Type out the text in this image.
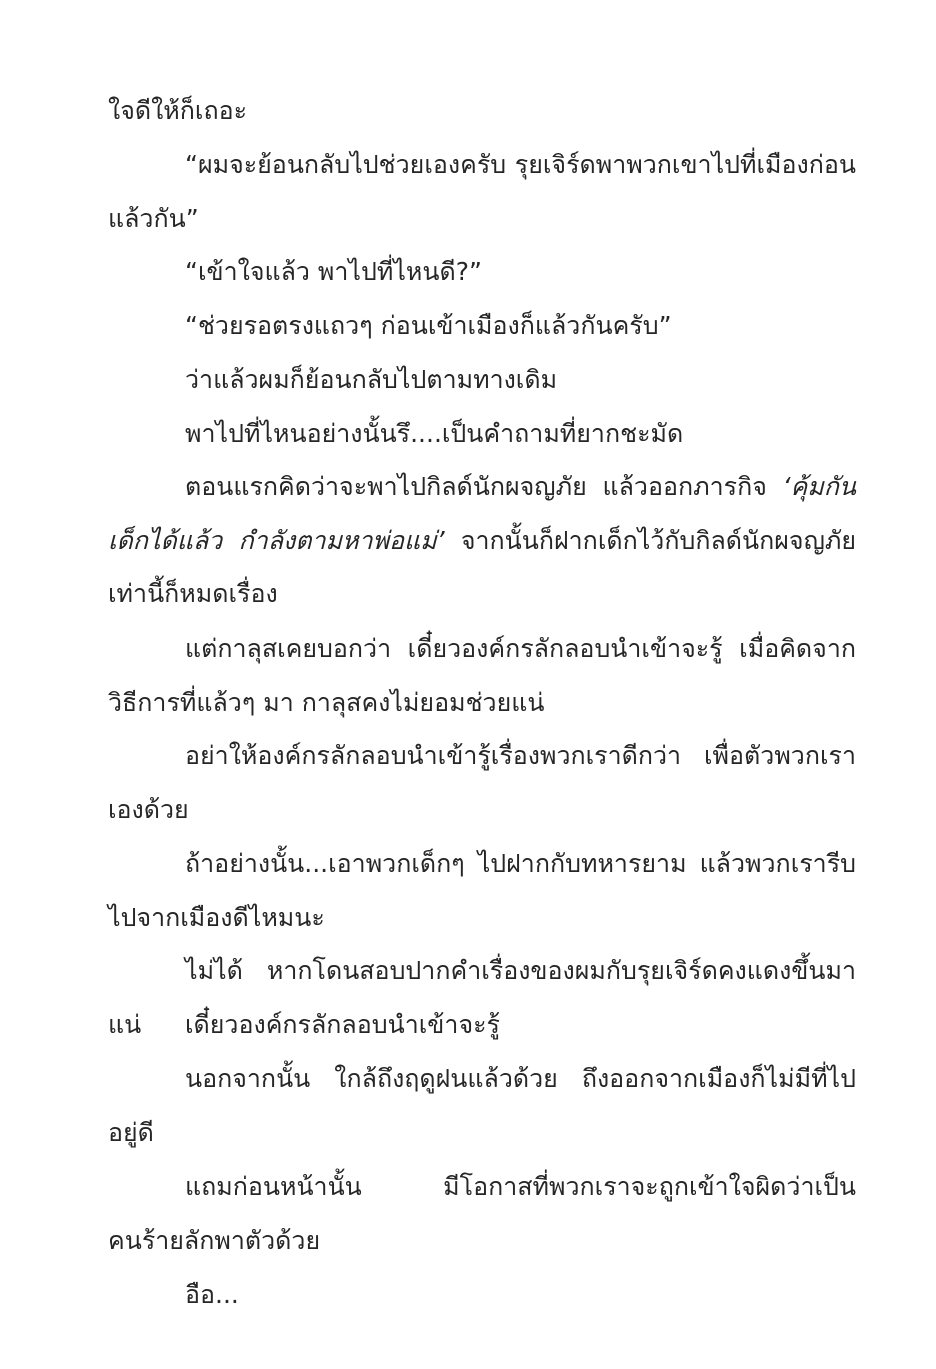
ใจดีให้ก็เถอะ

“ผมจะย้อนกลับไปช่วยเองครับ รุยเจิร์ดพาพวกเขาไปที่เมืองก่อนแล้วกัน”

“เข้าใจแล้ว พาไปที่ไหนดี?”

“ช่วยรอตรงแถวๆ ก่อนเข้าเมืองก็แล้วกันครับ”

ว่าแล้วผมก็ย้อนกลับไปตามทางเดิม

พาไปที่ไหนอย่างนั้นรึ....เป็นคำถามที่ยากชะมัด

ตอนแรกคิดว่าจะพาไปกิลด์นักผจญภัย แล้วออกภารกิจ ‘คุ้มกันเด็กได้แล้ว กำลังตามหาพ่อแม่’ จากนั้นก็ฝากเด็กไว้กับกิลด์นักผจญภัยเท่านี้ก็หมดเรื่อง

แต่กาลุสเคยบอกว่า เดี๋ยวองค์กรลักลอบนำเข้าจะรู้ เมื่อคิดจากวิธีการที่แล้วๆ มา กาลุสคงไม่ยอมช่วยแน่

อย่าให้องค์กรลักลอบนำเข้ารู้เรื่องพวกเราดีกว่า เพื่อตัวพวกเราเองด้วย

ถ้าอย่างนั้น...เอาพวกเด็กๆ ไปฝากกับทหารยาม แล้วพวกเรารีบไปจากเมืองดีไหมนะ

ไม่ได้ หากโดนสอบปากคำเรื่องของผมกับรุยเจิร์ดคงแดงขึ้นมาแน่	เดี๋ยวองค์กรลักลอบนำเข้าจะรู้

นอกจากนั้น ใกล้ถึงฤดูฝนแล้วด้วย ถึงออกจากเมืองก็ไม่มีที่ไปอยู่ดี

แถมก่อนหน้านั้น มีโอกาสที่พวกเราจะถูกเข้าใจผิดว่าเป็นคนร้ายลักพาตัวด้วย

อือ...
